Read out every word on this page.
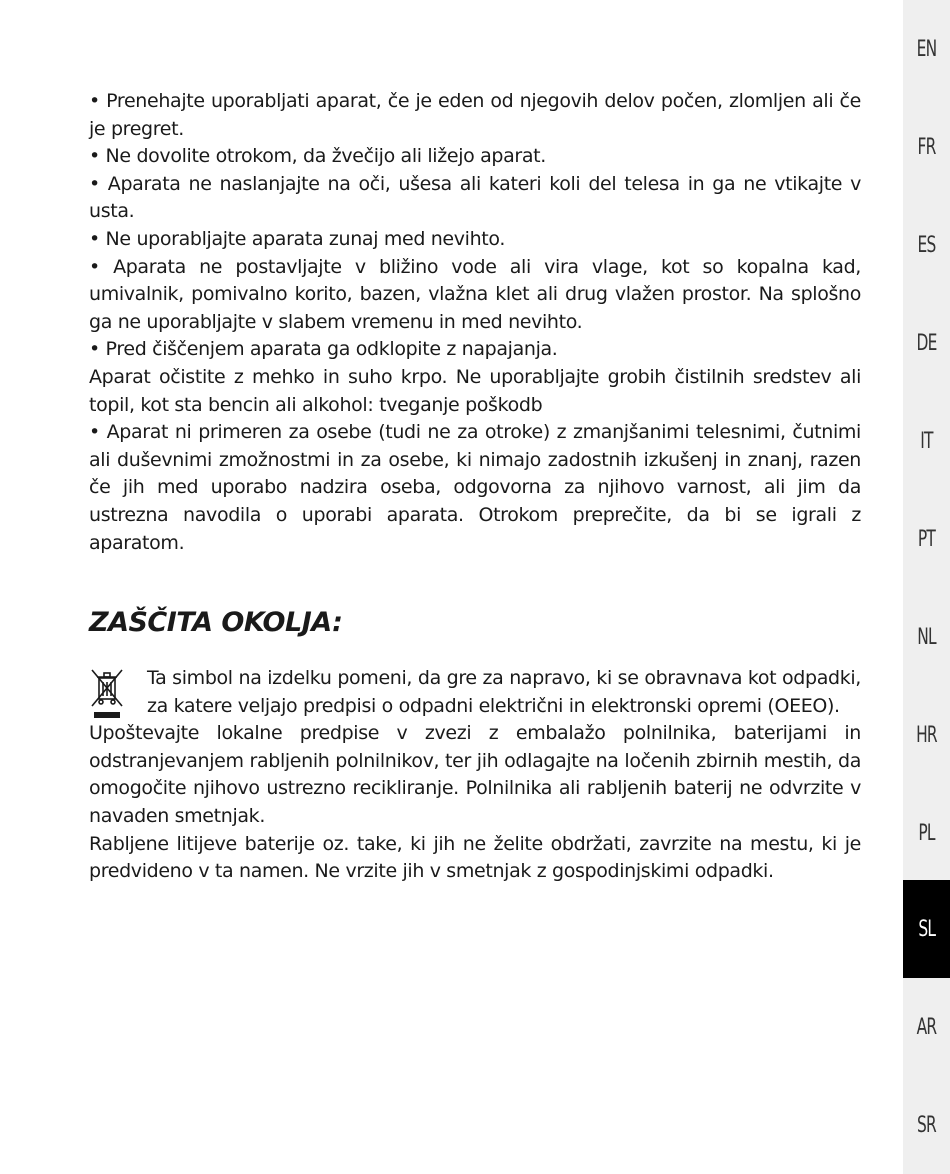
• Prenehajte uporabljati aparat, če je eden od njegovih delov počen, zlomljen ali če je pregret.

• Ne dovolite otrokom, da žvečijo ali ližejo aparat.

• Aparata ne naslanjajte na oči, ušesa ali kateri koli del telesa in ga ne vtikajte v usta.

• Ne uporabljajte aparata zunaj med nevihto.

• Aparata ne postavljajte v bližino vode ali vira vlage, kot so kopalna kad, umivalnik, pomivalno korito, bazen, vlažna klet ali drug vlažen prostor. Na splošno ga ne uporabljajte v slabem vremenu in med nevihto.

• Pred čiščenjem aparata ga odklopite z napajanja.

Aparat očistite z mehko in suho krpo. Ne uporabljajte grobih čistilnih sredstev ali topil, kot sta bencin ali alkohol: tveganje poškodb

• Aparat ni primeren za osebe (tudi ne za otroke) z zmanjšanimi telesnimi, čutnimi ali duševnimi zmožnostmi in za osebe, ki nimajo zadostnih izkušenj in znanj, razen če jih med uporabo nadzira oseba, odgovorna za njihovo varnost, ali jim da ustrezna navodila o uporabi aparata. Otrokom preprečite, da bi se igrali z aparatom.

ZAŠČITA OKOLJA:

Ta simbol na izdelku pomeni, da gre za napravo, ki se obravnava kot odpadki, za katere veljajo predpisi o odpadni električni in elektronski opremi (OEEO).

Upoštevajte lokalne predpise v zvezi z embalažo polnilnika, baterijami in odstranjevanjem rabljenih polnilnikov, ter jih odlagajte na ločenih zbirnih mestih, da omogočite njihovo ustrezno recikliranje. Polnilnika ali rabljenih baterij ne odvrzite v navaden smetnjak.

Rabljene litijeve baterije oz. take, ki jih ne želite obdržati, zavrzite na mestu, ki je predvideno v ta namen. Ne vrzite jih v smetnjak z gospodinjskimi odpadki.

EN
FR
ES
DE
IT
PT
NL
HR
PL
SL
AR
SR
